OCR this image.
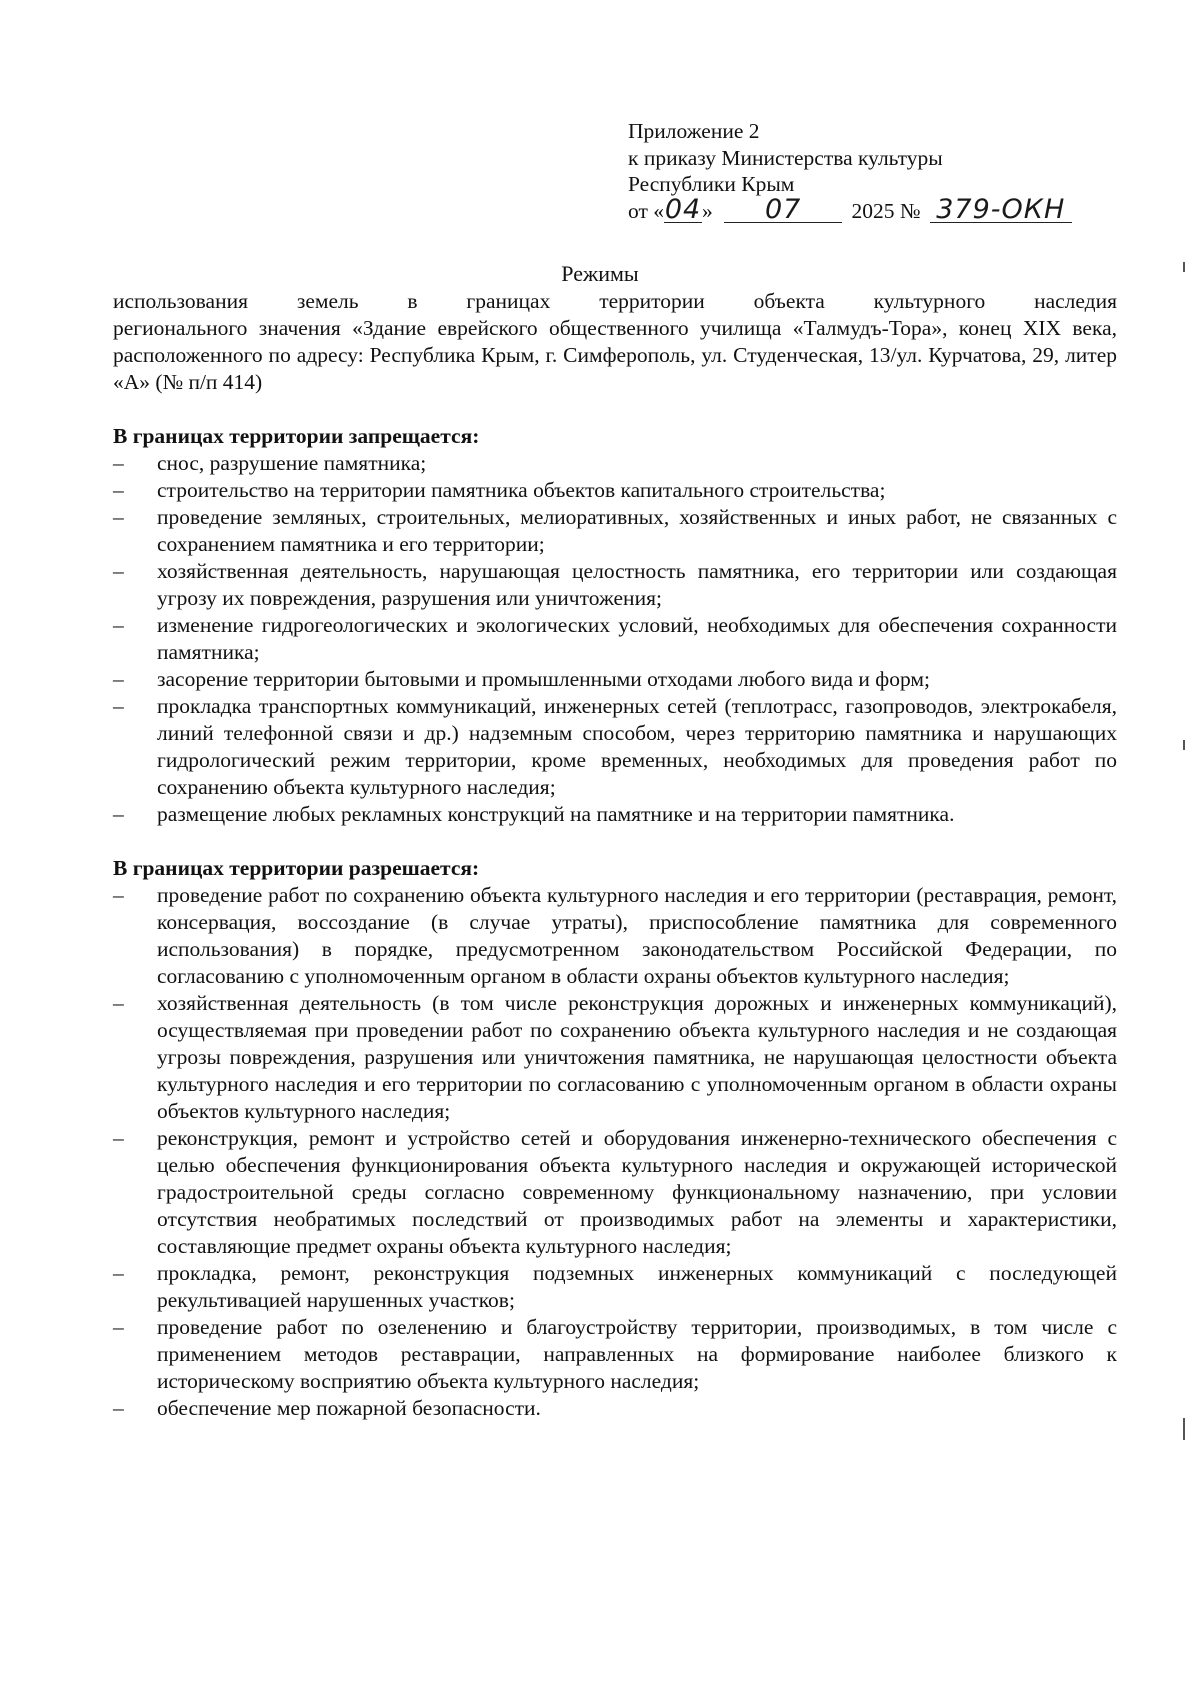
Приложение 2
к приказу Министерства культуры
Республики Крым
от «04» 07 2025 № 379-ОКН
Режимы
использования земель в границах территории объекта культурного наследия
регионального значения «Здание еврейского общественного училища «Талмудъ-Тора», конец XIX века, расположенного по адресу: Республика Крым, г. Симферополь, ул. Студенческая, 13/ул. Курчатова, 29, литер «А» (№ п/п 414)
В границах территории запрещается:
–	снос, разрушение памятника;
–	строительство на территории памятника объектов капитального строительства;
–	проведение земляных, строительных, мелиоративных, хозяйственных и иных работ, не связанных с сохранением памятника и его территории;
–	хозяйственная деятельность, нарушающая целостность памятника, его территории или создающая угрозу их повреждения, разрушения или уничтожения;
–	изменение гидрогеологических и экологических условий, необходимых для обеспечения сохранности памятника;
–	засорение территории бытовыми и промышленными отходами любого вида и форм;
–	прокладка транспортных коммуникаций, инженерных сетей (теплотрасс, газопроводов, электрокабеля, линий телефонной связи и др.) надземным способом, через территорию памятника и нарушающих гидрологический режим территории, кроме временных, необходимых для проведения работ по сохранению объекта культурного наследия;
–	размещение любых рекламных конструкций на памятнике и на территории памятника.
В границах территории разрешается:
–	проведение работ по сохранению объекта культурного наследия и его территории (реставрация, ремонт, консервация, воссоздание (в случае утраты), приспособление памятника для современного использования) в порядке, предусмотренном законодательством Российской Федерации, по согласованию с уполномоченным органом в области охраны объектов культурного наследия;
–	хозяйственная деятельность (в том числе реконструкция дорожных и инженерных коммуникаций), осуществляемая при проведении работ по сохранению объекта культурного наследия и не создающая угрозы повреждения, разрушения или уничтожения памятника, не нарушающая целостности объекта культурного наследия и его территории по согласованию с уполномоченным органом в области охраны объектов культурного наследия;
–	реконструкция, ремонт и устройство сетей и оборудования инженерно-технического обеспечения с целью обеспечения функционирования объекта культурного наследия и окружающей исторической градостроительной среды согласно современному функциональному назначению, при условии отсутствия необратимых последствий от производимых работ на элементы и характеристики, составляющие предмет охраны объекта культурного наследия;
–	прокладка, ремонт, реконструкция подземных инженерных коммуникаций с последующей рекультивацией нарушенных участков;
–	проведение работ по озеленению и благоустройству территории, производимых, в том числе с применением методов реставрации, направленных на формирование наиболее близкого к историческому восприятию объекта культурного наследия;
–	обеспечение мер пожарной безопасности.
